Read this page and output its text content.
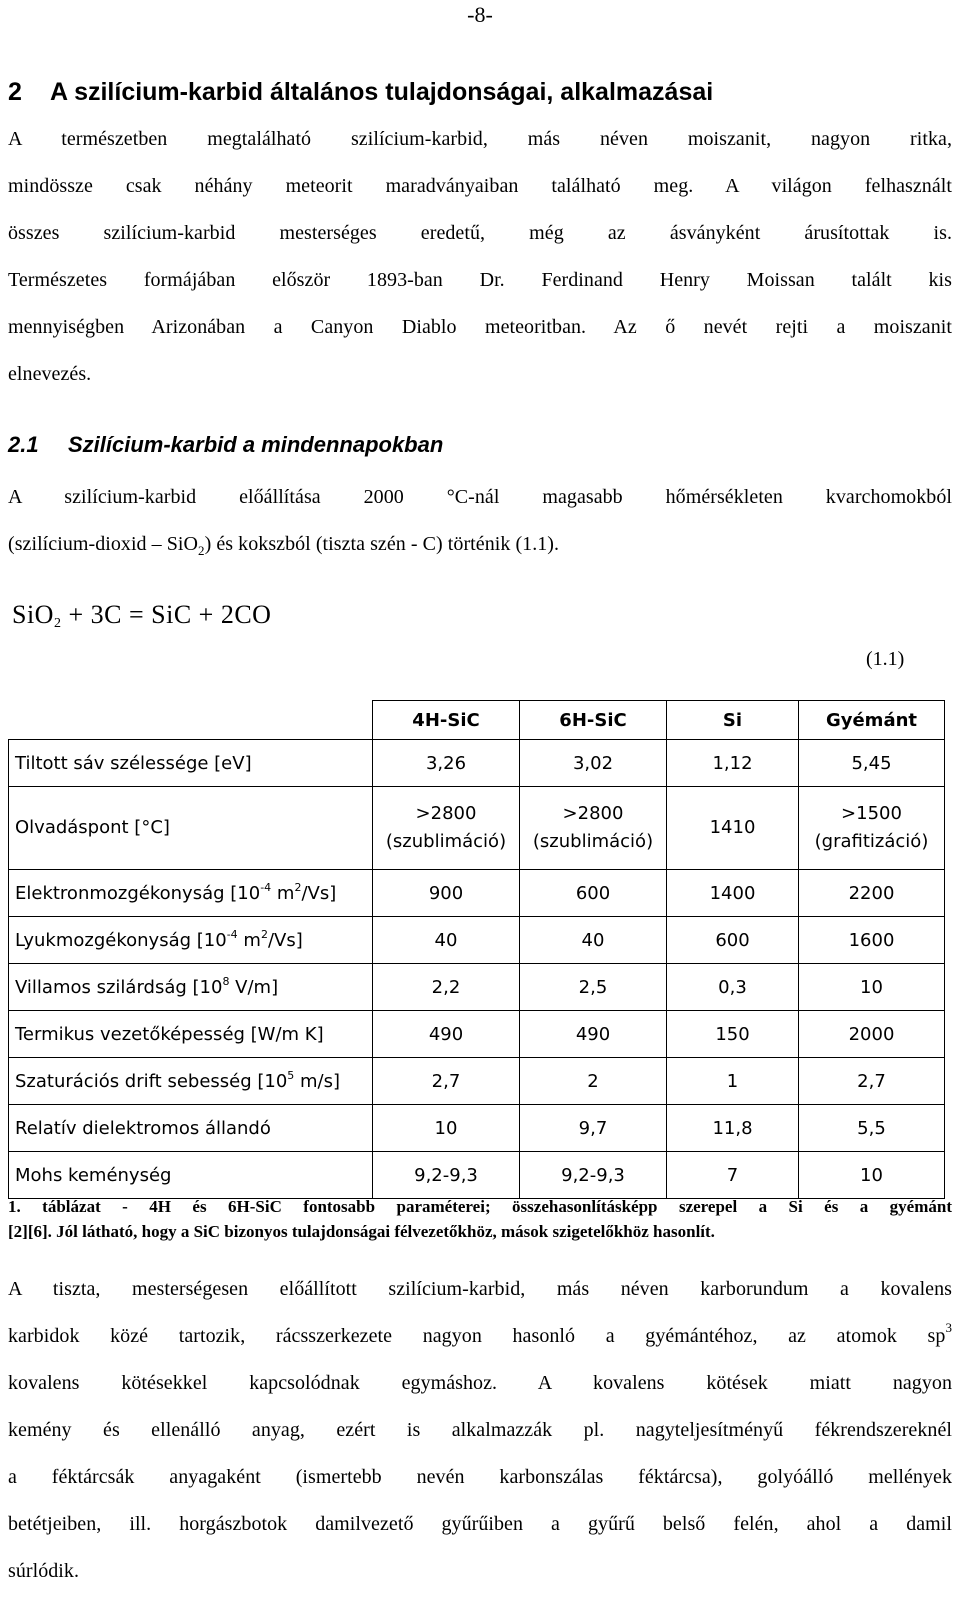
-8-
2 A szilícium-karbid általános tulajdonságai, alkalmazásai
A természetben megtalálható szilícium-karbid, más néven moiszanit, nagyon ritka,
mindössze csak néhány meteorit maradványaiban található meg. A világon felhasznált
összes szilícium-karbid mesterséges eredetű, még az ásványként árusítottak is.
Természetes formájában először 1893-ban Dr. Ferdinand Henry Moissan talált kis
mennyiségben Arizonában a Canyon Diablo meteoritban. Az ő nevét rejti a moiszanit
elnevezés.
2.1 Szilícium-karbid a mindennapokban
A szilícium-karbid előállítása 2000 °C-nál magasabb hőmérsékleten kvarchomokból
(szilícium-dioxid – SiO$_2$) és kokszból (tiszta szén - C) történik (1.1).
SiO$_2$ + 3C = SiC + 2CO
(1.1)
	4H-SiC	6H-SiC	Si	Gyémánt
Tiltott sáv szélessége [eV]	3,26	3,02	1,12	5,45
Olvadáspont [°C]	>2800 (szublimáció)	>2800 (szublimáció)	1410	>1500 (grafitizáció)
Elektronmozgékonyság [$10^{-4}$ $m^2/Vs$]	900	600	1400	2200
Lyukmozgékonyság [$10^{-4}$ $m^2/Vs$]	40	40	600	1600
Villamos szilárdság [$10^8$ V/m]	2,2	2,5	0,3	10
Termikus vezetőképesség [W/m K]	490	490	150	2000
Szaturációs drift sebesség [$10^5$ m/s]	2,7	2	1	2,7
Relatív dielektromos állandó	10	9,7	11,8	5,5
Mohs keménység	9,2-9,3	9,2-9,3	7	10
1. táblázat - 4H és 6H-SiC fontosabb paraméterei; összehasonlításképp szerepel a Si és a gyémánt
[2][6]. Jól látható, hogy a SiC bizonyos tulajdonságai félvezetőkhöz, mások szigetelőkhöz hasonlít.
A tiszta, mesterségesen előállított szilícium-karbid, más néven karborundum a kovalens
karbidok közé tartozik, rácsszerkezete nagyon hasonló a gyémántéhoz, az atomok $sp^3$
kovalens kötésekkel kapcsolódnak egymáshoz. A kovalens kötések miatt nagyon
kemény és ellenálló anyag, ezért is alkalmazzák pl. nagyteljesítményű fékrendszereknél
a féktárcsák anyagaként (ismertebb nevén karbonszálas féktárcsa), golyóálló mellények
betétjeiben, ill. horgászbotok damilvezető gyűrűiben a gyűrű belső felén, ahol a damil
súrlódik.
